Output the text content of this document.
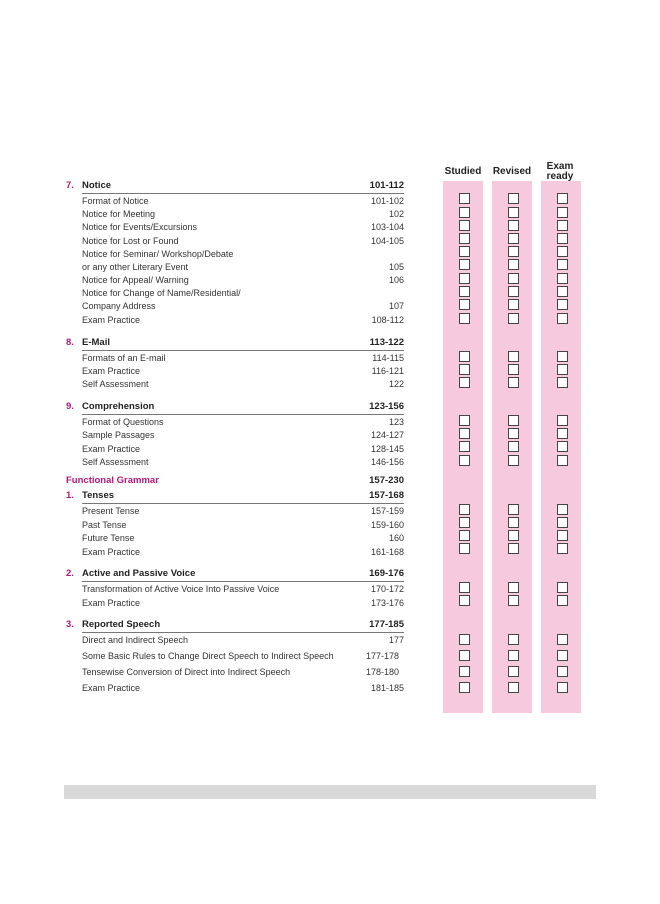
Studied	Revised	Exam
ready
7. Notice	101-112
Format of Notice	101-102
Notice for Meeting	102
Notice for Events/Excursions	103-104
Notice for Lost or Found	104-105
Notice for Seminar/ Workshop/Debate
or any other Literary Event	105
Notice for Appeal/ Warning	106
Notice for Change of Name/Residential/
Company Address	107
Exam Practice	108-112
8. E-Mail	113-122
Formats of an E-mail	114-115
Exam Practice	116-121
Self Assessment	122
9. Comprehension	123-156
Format of Questions	123
Sample Passages	124-127
Exam Practice	128-145
Self Assessment	146-156
Functional Grammar	157-230
1. Tenses	157-168
Present Tense	157-159
Past Tense	159-160
Future Tense	160
Exam Practice	161-168
2. Active and Passive Voice	169-176
Transformation of Active Voice Into Passive Voice	170-172
Exam Practice	173-176
3. Reported Speech	177-185
Direct and Indirect Speech	177
Some Basic Rules to Change Direct Speech to Indirect Speech	177-178
Tensewise Conversion of Direct into Indirect Speech	178-180
Exam Practice	181-185
